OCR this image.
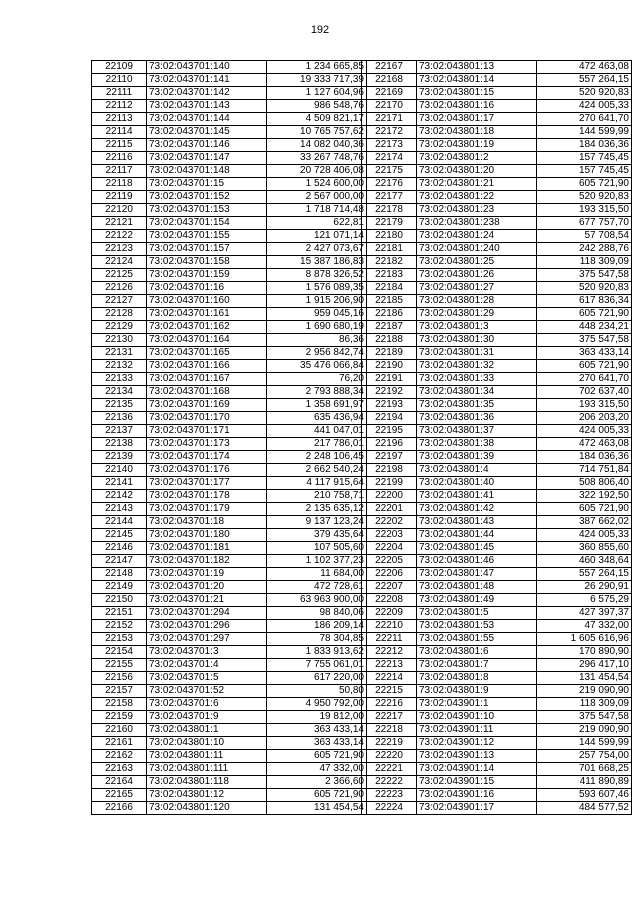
192
22109	73:02:043701:140	1 234 665,85
22110	73:02:043701:141	19 333 717,39
22111	73:02:043701:142	1 127 604,96
22112	73:02:043701:143	986 548,76
22113	73:02:043701:144	4 509 821,17
22114	73:02:043701:145	10 765 757,62
22115	73:02:043701:146	14 082 040,36
22116	73:02:043701:147	33 267 748,76
22117	73:02:043701:148	20 728 406,08
22118	73:02:043701:15	1 524 600,00
22119	73:02:043701:152	2 567 000,00
22120	73:02:043701:153	1 718 714,48
22121	73:02:043701:154	622,81
22122	73:02:043701:155	121 071,14
22123	73:02:043701:157	2 427 073,67
22124	73:02:043701:158	15 387 186,83
22125	73:02:043701:159	8 878 326,52
22126	73:02:043701:16	1 576 089,35
22127	73:02:043701:160	1 915 206,90
22128	73:02:043701:161	959 045,16
22129	73:02:043701:162	1 690 680,19
22130	73:02:043701:164	86,36
22131	73:02:043701:165	2 956 842,74
22132	73:02:043701:166	35 476 066,84
22133	73:02:043701:167	76,20
22134	73:02:043701:168	2 793 888,34
22135	73:02:043701:169	1 358 691,97
22136	73:02:043701:170	635 436,94
22137	73:02:043701:171	441 047,01
22138	73:02:043701:173	217 786,01
22139	73:02:043701:174	2 248 106,45
22140	73:02:043701:176	2 662 540,24
22141	73:02:043701:177	4 117 915,64
22142	73:02:043701:178	210 758,71
22143	73:02:043701:179	2 135 635,12
22144	73:02:043701:18	9 137 123,24
22145	73:02:043701:180	379 435,64
22146	73:02:043701:181	107 505,60
22147	73:02:043701:182	1 102 377,23
22148	73:02:043701:19	11 684,00
22149	73:02:043701:20	472 728,61
22150	73:02:043701:21	63 963 900,00
22151	73:02:043701:294	98 840,06
22152	73:02:043701:296	186 209,14
22153	73:02:043701:297	78 304,85
22154	73:02:043701:3	1 833 913,62
22155	73:02:043701:4	7 755 061,01
22156	73:02:043701:5	617 220,00
22157	73:02:043701:52	50,80
22158	73:02:043701:6	4 950 792,00
22159	73:02:043701:9	19 812,00
22160	73:02:043801:1	363 433,14
22161	73:02:043801:10	363 433,14
22162	73:02:043801:11	605 721,90
22163	73:02:043801:111	47 332,00
22164	73:02:043801:118	2 366,60
22165	73:02:043801:12	605 721,90
22166	73:02:043801:120	131 454,54
22167	73:02:043801:13	472 463,08
22168	73:02:043801:14	557 264,15
22169	73:02:043801:15	520 920,83
22170	73:02:043801:16	424 005,33
22171	73:02:043801:17	270 641,70
22172	73:02:043801:18	144 599,99
22173	73:02:043801:19	184 036,36
22174	73:02:043801:2	157 745,45
22175	73:02:043801:20	157 745,45
22176	73:02:043801:21	605 721,90
22177	73:02:043801:22	520 920,83
22178	73:02:043801:23	193 315,50
22179	73:02:043801:238	677 757,70
22180	73:02:043801:24	57 708,54
22181	73:02:043801:240	242 288,76
22182	73:02:043801:25	118 309,09
22183	73:02:043801:26	375 547,58
22184	73:02:043801:27	520 920,83
22185	73:02:043801:28	617 836,34
22186	73:02:043801:29	605 721,90
22187	73:02:043801:3	448 234,21
22188	73:02:043801:30	375 547,58
22189	73:02:043801:31	363 433,14
22190	73:02:043801:32	605 721,90
22191	73:02:043801:33	270 641,70
22192	73:02:043801:34	702 637,40
22193	73:02:043801:35	193 315,50
22194	73:02:043801:36	206 203,20
22195	73:02:043801:37	424 005,33
22196	73:02:043801:38	472 463,08
22197	73:02:043801:39	184 036,36
22198	73:02:043801:4	714 751,84
22199	73:02:043801:40	508 806,40
22200	73:02:043801:41	322 192,50
22201	73:02:043801:42	605 721,90
22202	73:02:043801:43	387 662,02
22203	73:02:043801:44	424 005,33
22204	73:02:043801:45	360 855,60
22205	73:02:043801:46	460 348,64
22206	73:02:043801:47	557 264,15
22207	73:02:043801:48	26 290,91
22208	73:02:043801:49	6 575,29
22209	73:02:043801:5	427 397,37
22210	73:02:043801:53	47 332,00
22211	73:02:043801:55	1 605 616,96
22212	73:02:043801:6	170 890,90
22213	73:02:043801:7	296 417,10
22214	73:02:043801:8	131 454,54
22215	73:02:043801:9	219 090,90
22216	73:02:043901:1	118 309,09
22217	73:02:043901:10	375 547,58
22218	73:02:043901:11	219 090,90
22219	73:02:043901:12	144 599,99
22220	73:02:043901:13	257 754,00
22221	73:02:043901:14	701 668,25
22222	73:02:043901:15	411 890,89
22223	73:02:043901:16	593 607,46
22224	73:02:043901:17	484 577,52
